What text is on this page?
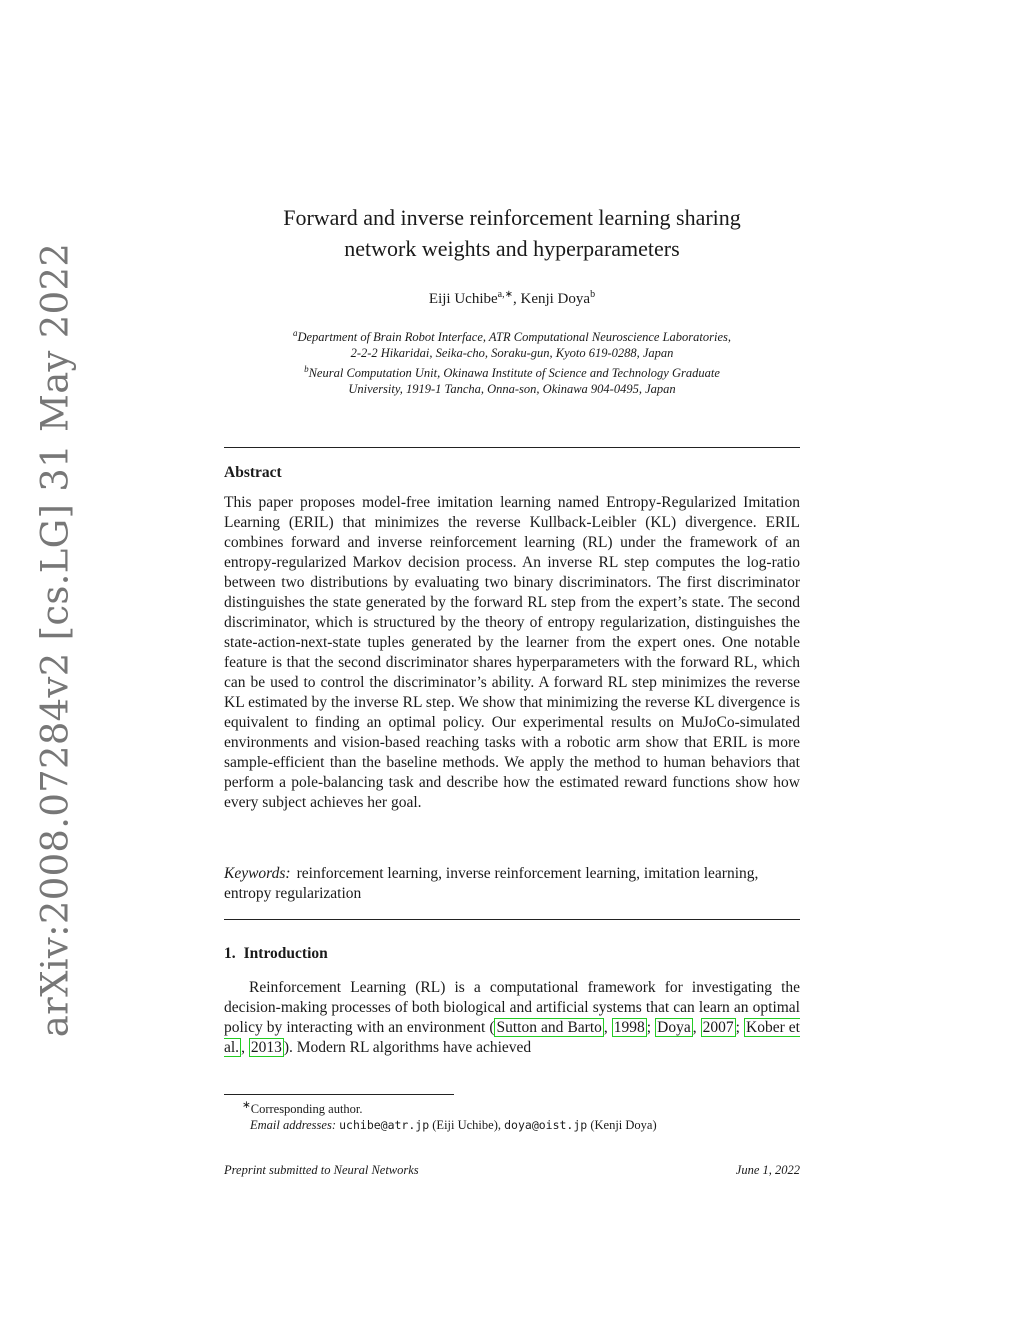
arXiv:2008.07284v2 [cs.LG] 31 May 2022
Forward and inverse reinforcement learning sharing
network weights and hyperparameters
Eiji Uchibe$^{a,∗}$, Kenji Doya$^b$
$^a$Department of Brain Robot Interface, ATR Computational Neuroscience Laboratories,
2-2-2 Hikaridai, Seika-cho, Soraku-gun, Kyoto 619-0288, Japan
$^b$Neural Computation Unit, Okinawa Institute of Science and Technology Graduate
University, 1919-1 Tancha, Onna-son, Okinawa 904-0495, Japan
Abstract
This paper proposes model-free imitation learning named Entropy-Regularized Imitation Learning (ERIL) that minimizes the reverse Kullback-Leibler (KL) divergence. ERIL combines forward and inverse reinforcement learning (RL) under the framework of an entropy-regularized Markov decision process. An inverse RL step computes the log-ratio between two distributions by evaluating two binary discriminators. The first discriminator distinguishes the state generated by the forward RL step from the expert’s state. The second discriminator, which is structured by the theory of entropy regularization, distinguishes the state-action-next-state tuples generated by the learner from the expert ones. One notable feature is that the second discriminator shares hyperparameters with the forward RL, which can be used to control the discriminator’s ability. A forward RL step minimizes the reverse KL estimated by the inverse RL step. We show that minimizing the reverse KL divergence is equivalent to finding an optimal policy. Our experimental results on MuJoCo-simulated environments and vision-based reaching tasks with a robotic arm show that ERIL is more sample-efficient than the baseline methods. We apply the method to human behaviors that perform a pole-balancing task and describe how the estimated reward functions show how every subject achieves her goal.
Keywords: reinforcement learning, inverse reinforcement learning, imitation learning, entropy regularization
1. Introduction
Reinforcement Learning (RL) is a computational framework for investigating the decision-making processes of both biological and artificial systems that can learn an optimal policy by interacting with an environment ( Sutton and Barto , 1998 ; Doya , 2007 ; Kober et al. , 2013 ). Modern RL algorithms have achieved
∗Corresponding author.
Email addresses: uchibe@atr.jp (Eiji Uchibe), doya@oist.jp (Kenji Doya)
Preprint submitted to Neural Networks	June 1, 2022
